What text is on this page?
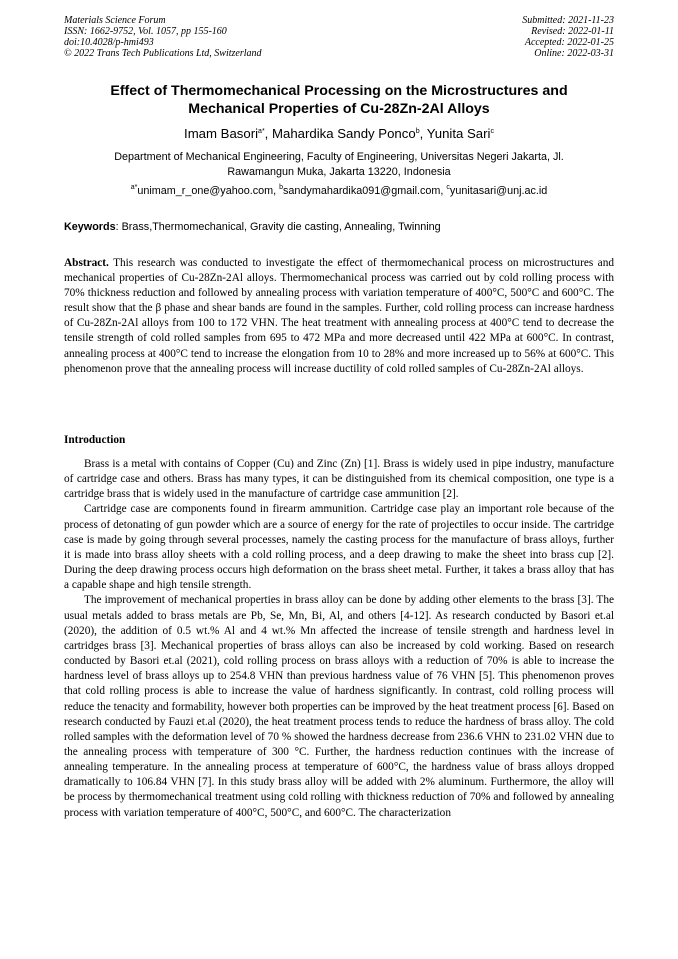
Materials Science Forum
ISSN: 1662-9752, Vol. 1057, pp 155-160
doi:10.4028/p-hmi493
© 2022 Trans Tech Publications Ltd, Switzerland
Submitted: 2021-11-23
Revised: 2022-01-11
Accepted: 2022-01-25
Online: 2022-03-31
Effect of Thermomechanical Processing on the Microstructures and
Mechanical Properties of Cu-28Zn-2Al Alloys
Imam Basori$^{a*}$, Mahardika Sandy Ponco$^b$, Yunita Sari$^c$
Department of Mechanical Engineering, Faculty of Engineering, Universitas Negeri Jakarta, Jl.
Rawamangun Muka, Jakarta 13220, Indonesia
$^{a*}$unimam_r_one@yahoo.com, $^b$sandymahardika091@gmail.com, $^c$yunitasari@unj.ac.id
Keywords: Brass,Thermomechanical, Gravity die casting, Annealing, Twinning
Abstract. This research was conducted to investigate the effect of thermomechanical process on microstructures and mechanical properties of Cu-28Zn-2Al alloys. Thermomechanical process was carried out by cold rolling process with 70% thickness reduction and followed by annealing process with variation temperature of 400°C, 500°C and 600°C. The result show that the β phase and shear bands are found in the samples. Further, cold rolling process can increase hardness of Cu-28Zn-2Al alloys from 100 to 172 VHN. The heat treatment with annealing process at 400°C tend to decrease the tensile strength of cold rolled samples from 695 to 472 MPa and more decreased until 422 MPa at 600°C. In contrast, annealing process at 400°C tend to increase the elongation from 10 to 28% and more increased up to 56% at 600°C. This phenomenon prove that the annealing process will increase ductility of cold rolled samples of Cu-28Zn-2Al alloys.
Introduction

Brass is a metal with contains of Copper (Cu) and Zinc (Zn) [1]. Brass is widely used in pipe industry, manufacture of cartridge case and others. Brass has many types, it can be distinguished from its chemical composition, one type is a cartridge brass that is widely used in the manufacture of cartridge case ammunition [2].

Cartridge case are components found in firearm ammunition. Cartridge case play an important role because of the process of detonating of gun powder which are a source of energy for the rate of projectiles to occur inside. The cartridge case is made by going through several processes, namely the casting process for the manufacture of brass alloys, further it is made into brass alloy sheets with a cold rolling process, and a deep drawing to make the sheet into brass cup [2]. During the deep drawing process occurs high deformation on the brass sheet metal. Further, it takes a brass alloy that has a capable shape and high tensile strength.

The improvement of mechanical properties in brass alloy can be done by adding other elements to the brass [3]. The usual metals added to brass metals are Pb, Se, Mn, Bi, Al, and others [4-12]. As research conducted by Basori et.al (2020), the addition of 0.5 wt.% Al and 4 wt.% Mn affected the increase of tensile strength and hardness level in cartridges brass [3]. Mechanical properties of brass alloys can also be increased by cold working. Based on research conducted by Basori et.al (2021), cold rolling process on brass alloys with a reduction of 70% is able to increase the hardness level of brass alloys up to 254.8 VHN than previous hardness value of 76 VHN [5]. This phenomenon proves that cold rolling process is able to increase the value of hardness significantly. In contrast, cold rolling process will reduce the tenacity and formability, however both properties can be improved by the heat treatment process [6]. Based on research conducted by Fauzi et.al (2020), the heat treatment process tends to reduce the hardness of brass alloy. The cold rolled samples with the deformation level of 70 % showed the hardness decrease from 236.6 VHN to 231.02 VHN due to the annealing process with temperature of 300 °C. Further, the hardness reduction continues with the increase of annealing temperature. In the annealing process at temperature of 600°C, the hardness value of brass alloys dropped dramatically to 106.84 VHN [7]. In this study brass alloy will be added with 2% aluminum. Furthermore, the alloy will be process by thermomechanical treatment using cold rolling with thickness reduction of 70% and followed by annealing process with variation temperature of 400°C, 500°C, and 600°C. The characterization
